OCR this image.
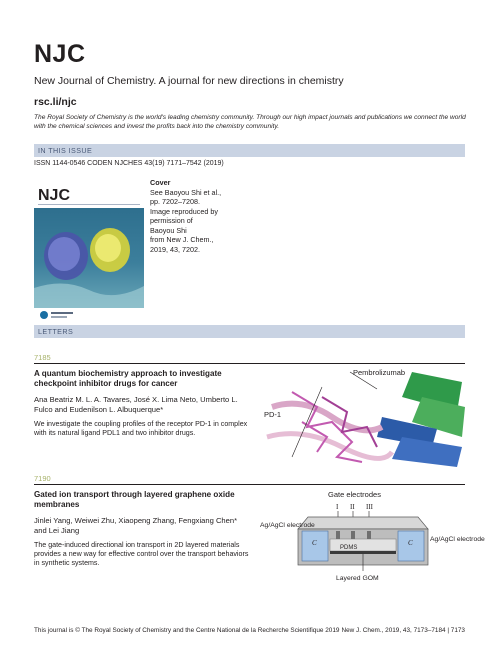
NJC
New Journal of Chemistry. A journal for new directions in chemistry
rsc.li/njc
The Royal Society of Chemistry is the world's leading chemistry community. Through our high impact journals and publications we connect the world with the chemical sciences and invest the profits back into the chemistry community.
IN THIS ISSUE
ISSN 1144-0546 CODEN NJCHES 43(19) 7171–7542 (2019)
NJC
Cover
See Baoyou Shi et al.,
pp. 7202–7208.
Image reproduced by
permission of
Baoyou Shi
from New J. Chem.,
2019, 43, 7202.
LETTERS
7185
A quantum biochemistry approach to investigate checkpoint inhibitor drugs for cancer
Ana Beatriz M. L. A. Tavares, José X. Lima Neto, Umberto L. Fulco and Eudenilson L. Albuquerque*
We investigate the coupling profiles of the receptor PD-1 in complex with its natural ligand PDL1 and two inhibitor drugs.
Pembrolizumab
PD-1
7190
Gated ion transport through layered graphene oxide membranes
Jinlei Yang, Weiwei Zhu, Xiaopeng Zhang, Fengxiang Chen* and Lei Jiang
The gate-induced directional ion transport in 2D layered materials provides a new way for effective control over the transport behaviors in synthetic systems.
Gate electrodes
I II III
C	C
PDMS
Ag/AgCl electrode
Ag/AgCl electrode
Layered GOM
This journal is © The Royal Society of Chemistry and the Centre National de la Recherche Scientifique 2019 New J. Chem., 2019, 43, 7173–7184 | 7173
